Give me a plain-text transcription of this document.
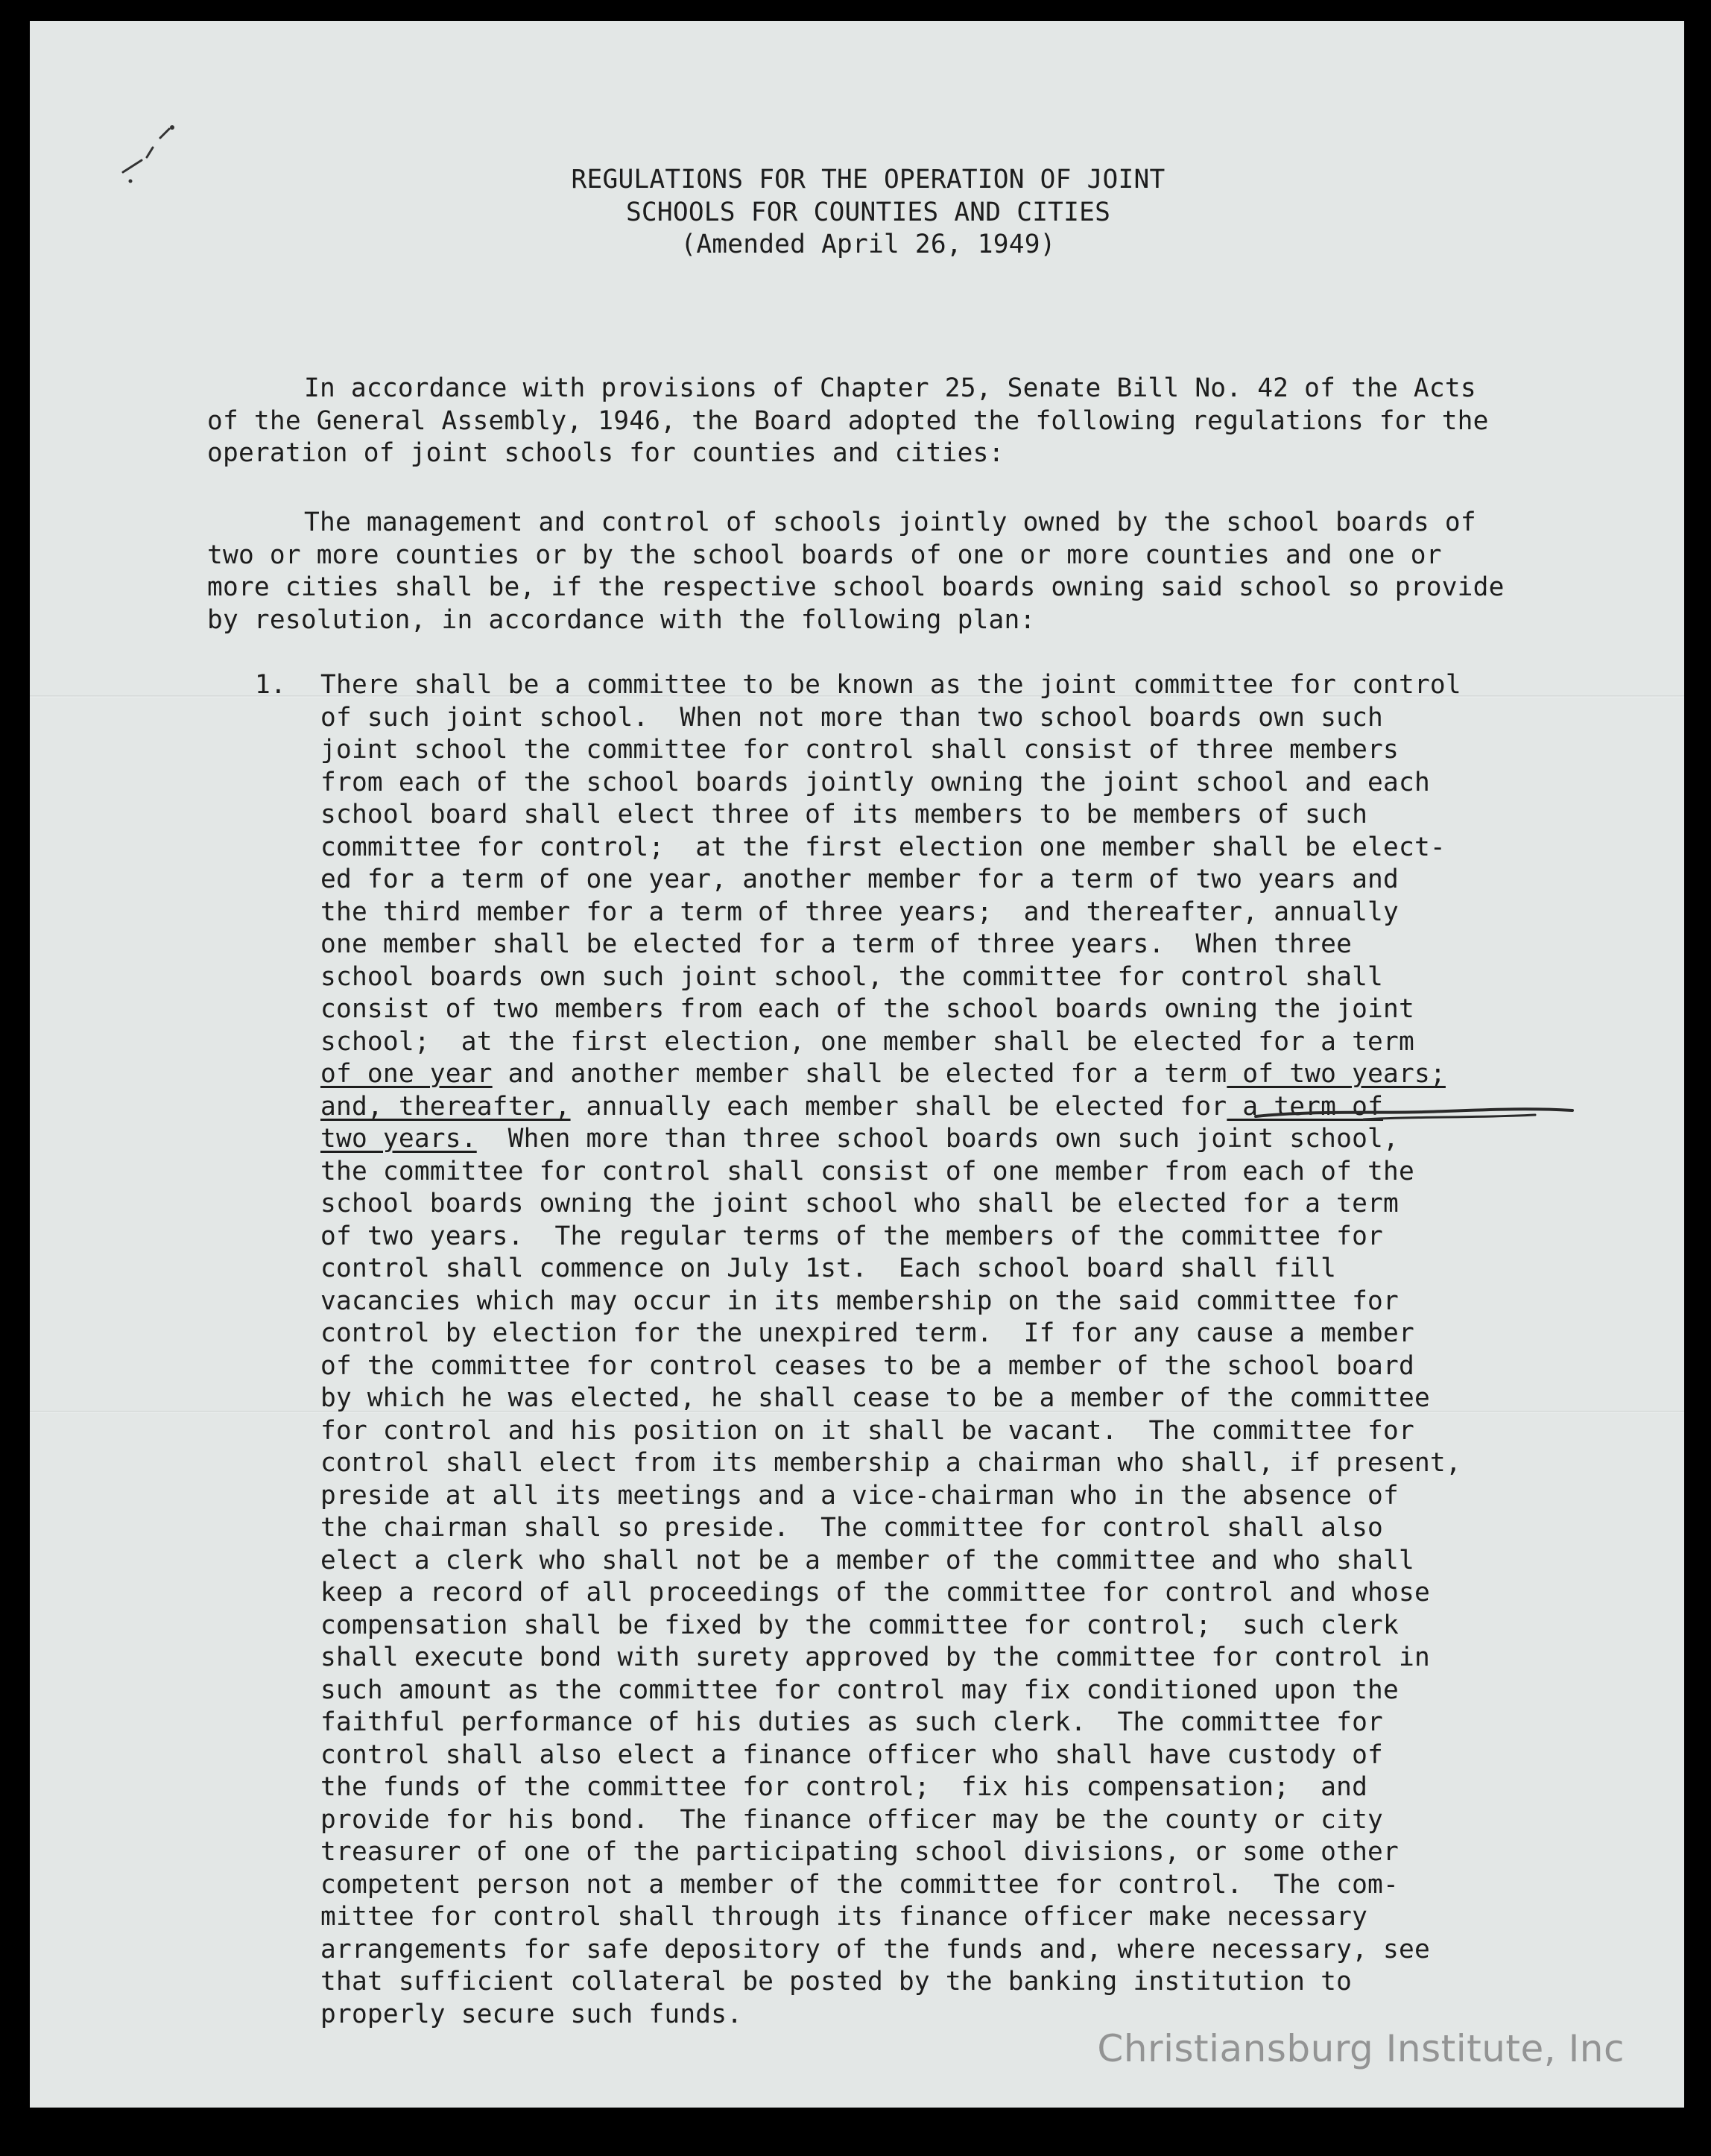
REGULATIONS FOR THE OPERATION OF JOINT
SCHOOLS FOR COUNTIES AND CITIES
(Amended April 26, 1949)
In accordance with provisions of Chapter 25, Senate Bill No. 42 of the Acts
of the General Assembly, 1946, the Board adopted the following regulations for the
operation of joint schools for counties and cities:
The management and control of schools jointly owned by the school boards of
two or more counties or by the school boards of one or more counties and one or
more cities shall be, if the respective school boards owning said school so provide
by resolution, in accordance with the following plan:
1. There shall be a committee to be known as the joint committee for control
of such joint school.  When not more than two school boards own such
joint school the committee for control shall consist of three members
from each of the school boards jointly owning the joint school and each
school board shall elect three of its members to be members of such
committee for control;  at the first election one member shall be elect-
ed for a term of one year, another member for a term of two years and
the third member for a term of three years;  and thereafter, annually
one member shall be elected for a term of three years.  When three
school boards own such joint school, the committee for control shall
consist of two members from each of the school boards owning the joint
school;  at the first election, one member shall be elected for a term
of one year and another member shall be elected for a term of two years;
and, thereafter, annually each member shall be elected for a term of
two years.  When more than three school boards own such joint school,
the committee for control shall consist of one member from each of the
school boards owning the joint school who shall be elected for a term
of two years.  The regular terms of the members of the committee for
control shall commence on July 1st.  Each school board shall fill
vacancies which may occur in its membership on the said committee for
control by election for the unexpired term.  If for any cause a member
of the committee for control ceases to be a member of the school board
by which he was elected, he shall cease to be a member of the committee
for control and his position on it shall be vacant.  The committee for
control shall elect from its membership a chairman who shall, if present,
preside at all its meetings and a vice-chairman who in the absence of
the chairman shall so preside.  The committee for control shall also
elect a clerk who shall not be a member of the committee and who shall
keep a record of all proceedings of the committee for control and whose
compensation shall be fixed by the committee for control;  such clerk
shall execute bond with surety approved by the committee for control in
such amount as the committee for control may fix conditioned upon the
faithful performance of his duties as such clerk.  The committee for
control shall also elect a finance officer who shall have custody of
the funds of the committee for control;  fix his compensation;  and
provide for his bond.  The finance officer may be the county or city
treasurer of one of the participating school divisions, or some other
competent person not a member of the committee for control.  The com-
mittee for control shall through its finance officer make necessary
arrangements for safe depository of the funds and, where necessary, see
that sufficient collateral be posted by the banking institution to
properly secure such funds.
Christiansburg Institute, Inc
